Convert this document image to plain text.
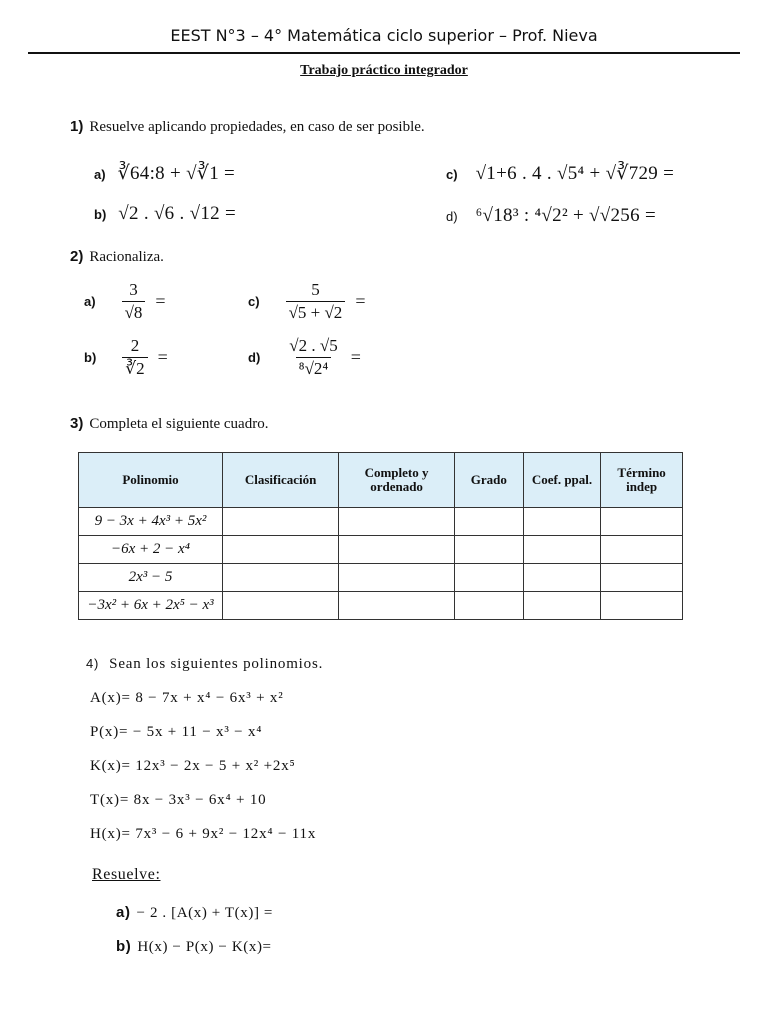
EEST N°3 – 4° Matemática ciclo superior – Prof. Nieva
Trabajo práctico integrador
1) Resuelve aplicando propiedades, en caso de ser posible.
a) ∛64:8 + √∛1 =	c) √1+6 . 4 . √5⁴ + √∛729 =
b) √2 . √6 . √12 =	d) ⁶√18³ : ⁴√2² + √√256 =
2) Racionaliza.
$a) \frac{3}{√8}$ =	$c) \frac{5}{√5 + √2}$ =
$b) \frac{2}{∛2}$ =	$d) \frac{√2 . √5}{\text{⁸√2⁴}}$ =
3) Completa el siguiente cuadro.
Polinomio	Clasificación	Completo y ordenado	Grado	Coef. ppal.	Término indep
9 − 3x + 4x³ + 5x²					
−6x + 2 − x⁴					
2x³ − 5					
−3x² + 6x + 2x⁵ − x³					
4) Sean los siguientes polinomios.
A(x)= 8 − 7x + x⁴ − 6x³ + x²
P(x)= − 5x + 11 − x³ − x⁴
K(x)= 12x³ − 2x − 5 + x² +2x⁵
T(x)= 8x − 3x³ − 6x⁴ + 10
H(x)= 7x³ − 6 + 9x² − 12x⁴ − 11x
Resuelve:
a) − 2 . [A(x) + T(x)] =
b) H(x) − P(x) − K(x)=
